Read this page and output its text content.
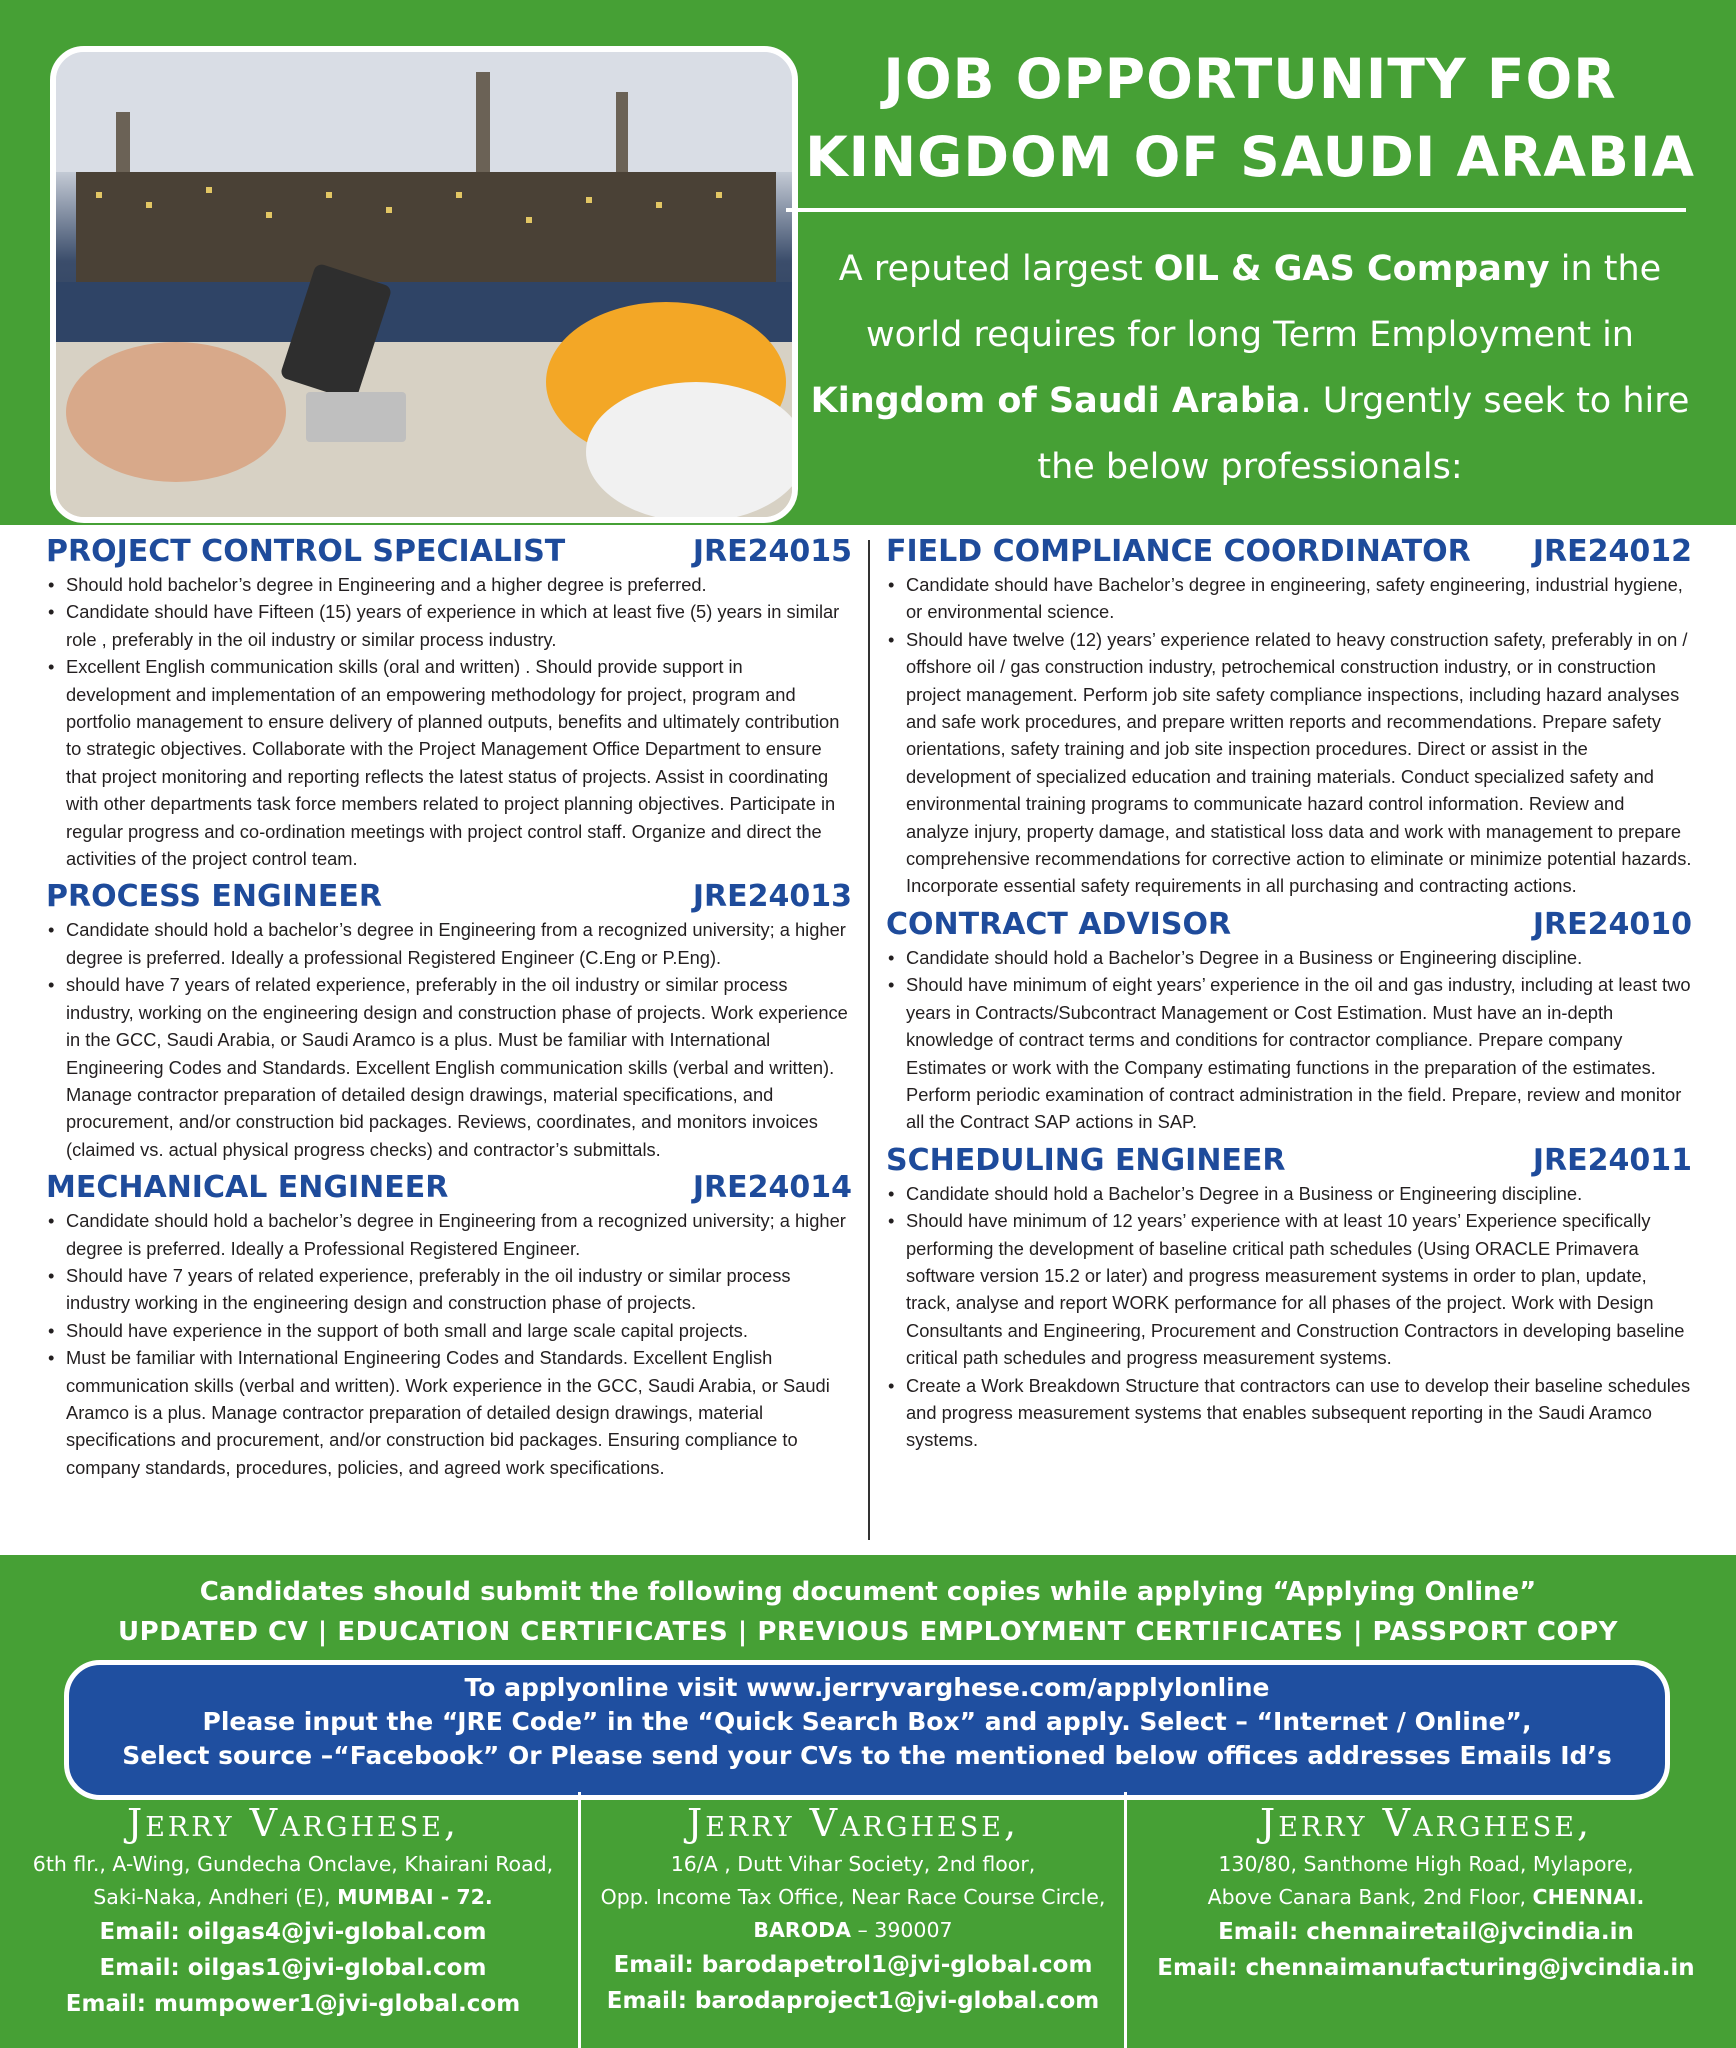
JOB OPPORTUNITY FOR
KINGDOM OF SAUDI ARABIA
A reputed largest OIL & GAS Company in the world requires for long Term Employment in Kingdom of Saudi Arabia. Urgently seek to hire the below professionals:
PROJECT CONTROL SPECIALIST	JRE24015
• Should hold bachelor’s degree in Engineering and a higher degree is preferred.
• Candidate should have Fifteen (15) years of experience in which at least five (5) years in similar role , preferably in the oil industry or similar process industry.
• Excellent English communication skills (oral and written) . Should provide support in development and implementation of an empowering methodology for project, program and portfolio management to ensure delivery of planned outputs, benefits and ultimately contribution to strategic objectives. Collaborate with the Project Management Office Department to ensure that project monitoring and reporting reflects the latest status of projects. Assist in coordinating with other departments task force members related to project planning objectives. Participate in regular progress and co-ordination meetings with project control staff. Organize and direct the activities of the project control team.
PROCESS ENGINEER	JRE24013
• Candidate should hold a bachelor’s degree in Engineering from a recognized university; a higher degree is preferred. Ideally a professional Registered Engineer (C.Eng or P.Eng).
• should have 7 years of related experience, preferably in the oil industry or similar process industry, working on the engineering design and construction phase of projects. Work experience in the GCC, Saudi Arabia, or Saudi Aramco is a plus. Must be familiar with International Engineering Codes and Standards. Excellent English communication skills (verbal and written). Manage contractor preparation of detailed design drawings, material specifications, and procurement, and/or construction bid packages. Reviews, coordinates, and monitors invoices (claimed vs. actual physical progress checks) and contractor’s submittals.
MECHANICAL ENGINEER	JRE24014
• Candidate should hold a bachelor’s degree in Engineering from a recognized university; a higher degree is preferred. Ideally a Professional Registered Engineer.
• Should have 7 years of related experience, preferably in the oil industry or similar process industry working in the engineering design and construction phase of projects.
• Should have experience in the support of both small and large scale capital projects.
• Must be familiar with International Engineering Codes and Standards. Excellent English communication skills (verbal and written). Work experience in the GCC, Saudi Arabia, or Saudi Aramco is a plus. Manage contractor preparation of detailed design drawings, material specifications and procurement, and/or construction bid packages. Ensuring compliance to company standards, procedures, policies, and agreed work specifications.
FIELD COMPLIANCE COORDINATOR JRE24012
• Candidate should have Bachelor’s degree in engineering, safety engineering, industrial hygiene, or environmental science.
• Should have twelve (12) years’ experience related to heavy construction safety, preferably in on / offshore oil / gas construction industry, petrochemical construction industry, or in construction project management. Perform job site safety compliance inspections, including hazard analyses and safe work procedures, and prepare written reports and recommendations. Prepare safety orientations, safety training and job site inspection procedures. Direct or assist in the development of specialized education and training materials. Conduct specialized safety and environmental training programs to communicate hazard control information. Review and analyze injury, property damage, and statistical loss data and work with management to prepare comprehensive recommendations for corrective action to eliminate or minimize potential hazards. Incorporate essential safety requirements in all purchasing and contracting actions.
CONTRACT ADVISOR	JRE24010
• Candidate should hold a Bachelor’s Degree in a Business or Engineering discipline.
• Should have minimum of eight years’ experience in the oil and gas industry, including at least two years in Contracts/Subcontract Management or Cost Estimation. Must have an in-depth knowledge of contract terms and conditions for contractor compliance. Prepare company Estimates or work with the Company estimating functions in the preparation of the estimates. Perform periodic examination of contract administration in the field. Prepare, review and monitor all the Contract SAP actions in SAP.
SCHEDULING ENGINEER	JRE24011
• Candidate should hold a Bachelor’s Degree in a Business or Engineering discipline.
• Should have minimum of 12 years’ experience with at least 10 years’ Experience specifically performing the development of baseline critical path schedules (Using ORACLE Primavera software version 15.2 or later) and progress measurement systems in order to plan, update, track, analyse and report WORK performance for all phases of the project. Work with Design Consultants and Engineering, Procurement and Construction Contractors in developing baseline critical path schedules and progress measurement systems.
• Create a Work Breakdown Structure that contractors can use to develop their baseline schedules and progress measurement systems that enables subsequent reporting in the Saudi Aramco systems.
Candidates should submit the following document copies while applying “Applying Online”
UPDATED CV | EDUCATION CERTIFICATES | PREVIOUS EMPLOYMENT CERTIFICATES | PASSPORT COPY
To applyonline visit www.jerryvarghese.com/applylonline
Please input the “JRE Code” in the “Quick Search Box” and apply. Select – “Internet / Online”,
Select source –“Facebook” Or Please send your CVs to the mentioned below offices addresses Emails Id’s
Jerry Varghese,
6th flr., A-Wing, Gundecha Onclave, Khairani Road,
Saki-Naka, Andheri (E), MUMBAI - 72.
Email: oilgas4@jvi-global.com
Email: oilgas1@jvi-global.com
Email: mumpower1@jvi-global.com
Jerry Varghese,
16/A , Dutt Vihar Society, 2nd floor,
Opp. Income Tax Office, Near Race Course Circle,
BARODA – 390007
Email: barodapetrol1@jvi-global.com
Email: barodaproject1@jvi-global.com
Jerry Varghese,
130/80, Santhome High Road, Mylapore,
Above Canara Bank, 2nd Floor, CHENNAI.
Email: chennairetail@jvcindia.in
Email: chennaimanufacturing@jvcindia.in
